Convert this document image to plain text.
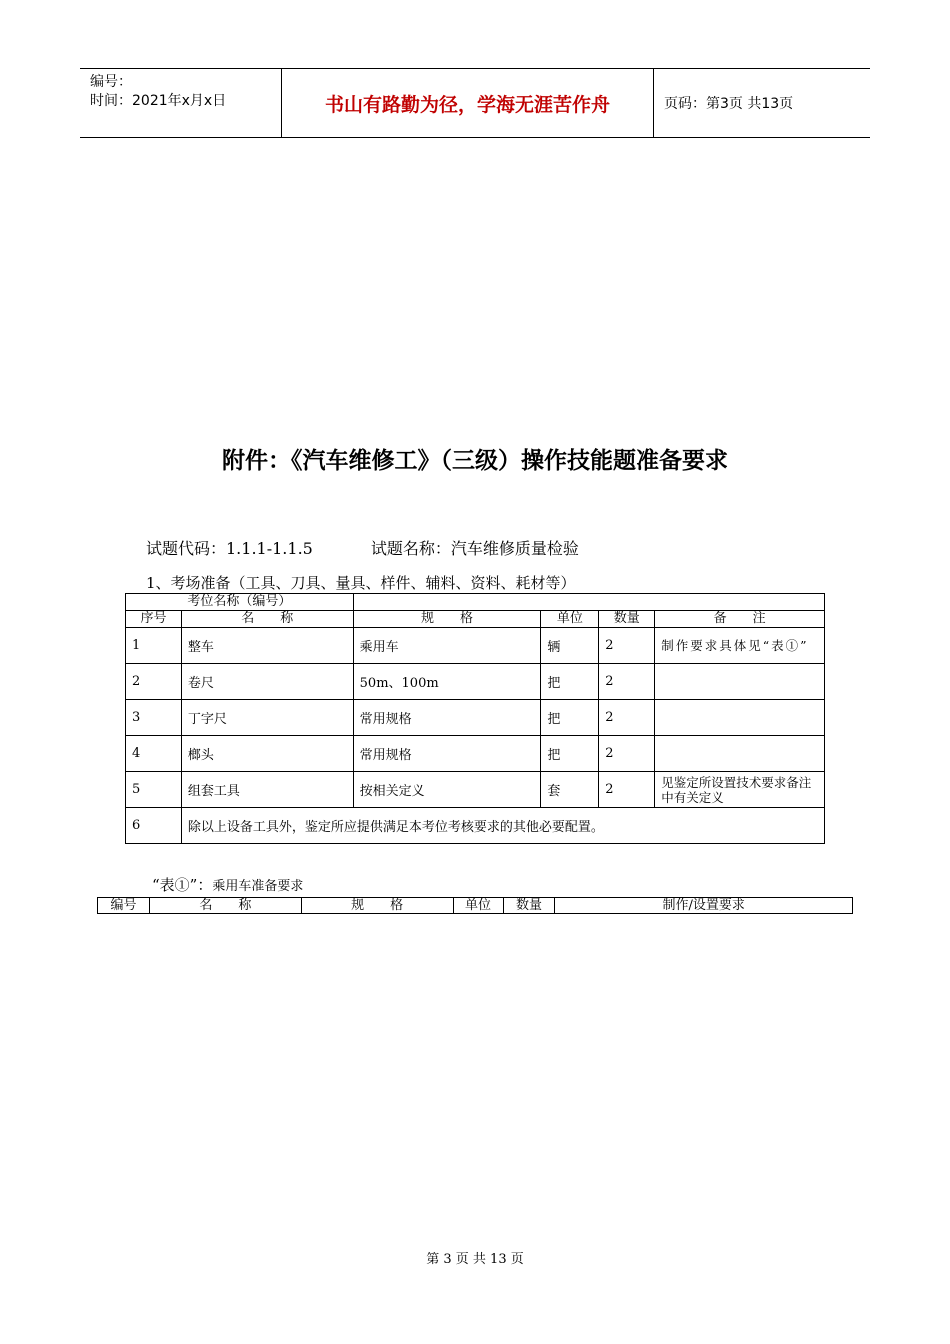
编号：
时间：2021年x月x日	书山有路勤为径，学海无涯苦作舟	页码：第3页 共13页
附件：《汽车维修工》（三级）操作技能题准备要求
试题代码：1.1.1-1.1.5	试题名称：汽车维修质量检验
1、考场准备（工具、刀具、量具、样件、辅料、资料、耗材等）
考位名称（编号）					
序号	名　　称	规　　格	单位	数量	备　　注
1	整车	乘用车	辆	2	制作要求具体见“表①”
2	卷尺	50m、100m	把	2	
3	丁字尺	常用规格	把	2	
4	榔头	常用规格	把	2	
5	组套工具	按相关定义	套	2	见鉴定所设置技术要求备注中有关定义
6	除以上设备工具外，鉴定所应提供满足本考位考核要求的其他必要配置。				
“表①”：乘用车准备要求
编号	名　　称	规　　格	单位	数量	制作/设置要求
第 3 页 共 13 页
